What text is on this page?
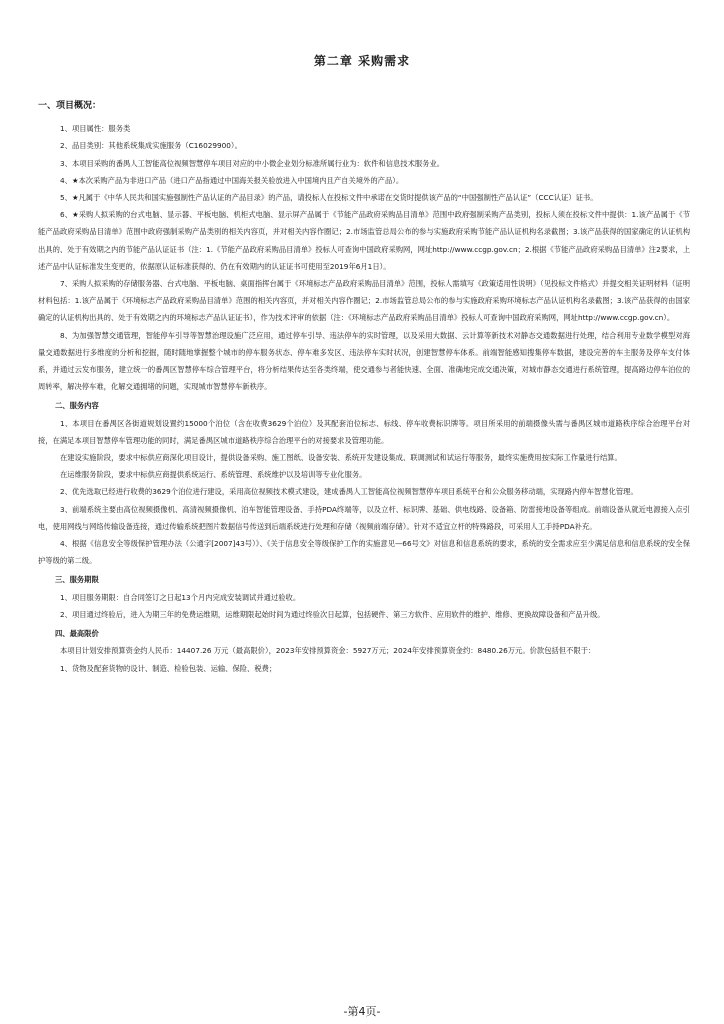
第二章 采购需求

一、项目概况：

1、项目属性：服务类

2、品目类别：其他系统集成实施服务（C16029900）。

3、本项目采购的番禺人工智能高位视频智慧停车项目对应的中小微企业划分标准所属行业为：软件和信息技术服务业。

4、★本次采购产品为非进口产品（进口产品指通过中国海关报关验放进入中国境内且产自关境外的产品）。

5、★凡属于《中华人民共和国实施强制性产品认证的产品目录》的产品，请投标人在投标文件中承诺在交货时提供该产品的“中国强制性产品认证”（CCC认证）证书。

6、★采购人拟采购的台式电脑、显示器、平板电脑、机柜式电脑、显示屏产品属于《节能产品政府采购品目清单》范围中政府强制采购产品类别，投标人须在投标文件中提供：1.该产品属于《节能产品政府采购品目清单》范围中政府强制采购产品类别的相关内容页，并对相关内容作圈记；2.市场监管总局公布的参与实施政府采购节能产品认证机构名录截图；3.该产品获得的国家确定的认证机构出具的、处于有效期之内的节能产品认证证书（注：1.《节能产品政府采购品目清单》投标人可查询中国政府采购网，网址http://www.ccgp.gov.cn；2.根据《节能产品政府采购品目清单》注2要求，上述产品中认证标准发生变更的，依据原认证标准获得的、仍在有效期内的认证证书可使用至2019年6月1日）。

7、采购人拟采购的存储服务器、台式电脑、平板电脑、桌面指挥台属于《环境标志产品政府采购品目清单》范围，投标人需填写《政策适用性说明》（见投标文件格式）并提交相关证明材料（证明材料包括：1.该产品属于《环境标志产品政府采购品目清单》范围的相关内容页，并对相关内容作圈记；2.市场监管总局公布的参与实施政府采购环境标志产品认证机构名录截图；3.该产品获得的由国家确定的认证机构出具的、处于有效期之内的环境标志产品认证证书），作为技术评审的依据（注：《环境标志产品政府采购品目清单》投标人可查询中国政府采购网，网址http://www.ccgp.gov.cn）。

8、为加强智慧交通管理，智能停车引导等智慧治理设施广泛应用，通过停车引导、违法停车的实时管理，以及采用大数据、云计算等新技术对静态交通数据进行处理，结合利用专业数学模型对海量交通数据进行多维度的分析和挖掘，随时随地掌握整个城市的停车服务状态、停车难多发区、违法停车实时状况，创建智慧停车体系。前端智能感知搜集停车数据，建设完善的车主服务及停车支付体系，并通过云发布服务，建立统一的番禺区智慧停车综合管理平台，将分析结果传达至各类终端，使交通参与者能快速、全面、准确地完成交通决策，对城市静态交通进行系统管理，提高路边停车泊位的周转率，解决停车难，化解交通拥堵的问题，实现城市智慧停车新秩序。

二、服务内容

1、本项目在番禺区各街道规划设置约15000个泊位（含在收费3629个泊位）及其配套泊位标志、标线、停车收费标识牌等。项目所采用的前端摄像头需与番禺区城市道路秩序综合治理平台对接，在满足本项目智慧停车管理功能的同时，满足番禺区城市道路秩序综合治理平台的对接要求及管理功能。

在建设实施阶段，要求中标供应商深化项目设计，提供设备采购、施工图纸、设备安装、系统开发建设集成、联调测试和试运行等服务，最终实施费用按实际工作量进行结算。

在运维服务阶段，要求中标供应商提供系统运行、系统管理、系统维护以及培训等专业化服务。

2、优先选取已经进行收费的3629个泊位进行建设，采用高位视频技术模式建设，建成番禺人工智能高位视频智慧停车项目系统平台和公众服务移动端，实现路内停车智慧化管理。

3、前端系统主要由高位视频摄像机、高清视频摄像机、泊车智能管理设备、手持PDA终端等，以及立杆、标识牌、基础、供电线路、设备箱、防雷接地设备等组成。前端设备从就近电源接入点引电，使用网线与网络传输设备连接，通过传输系统把图片数据信号传送到后端系统进行处理和存储（视频前端存储）。针对不适宜立杆的特殊路段，可采用人工手持PDA补充。

4、根据《信息安全等级保护管理办法（公通字[2007]43号）》、《关于信息安全等级保护工作的实施意见—66号文》对信息和信息系统的要求，系统的安全需求应至少满足信息和信息系统的安全保护等级的第二级。

三、服务期限

1、项目服务期限：自合同签订之日起13个月内完成安装调试并通过验收。

2、项目通过终验后，进入为期三年的免费运维期，运维期限起始时间为通过终验次日起算，包括硬件、第三方软件、应用软件的维护、维修、更换故障设备和产品升级。

四、最高限价

本项目计划安排预算资金约人民币：14407.26 万元（最高限价），2023年安排预算资金：5927万元；2024年安排预算资金约：8480.26万元。价款包括但不限于：

1、货物及配套货物的设计、制造、检验包装、运输、保险、税费；

-第4页-
